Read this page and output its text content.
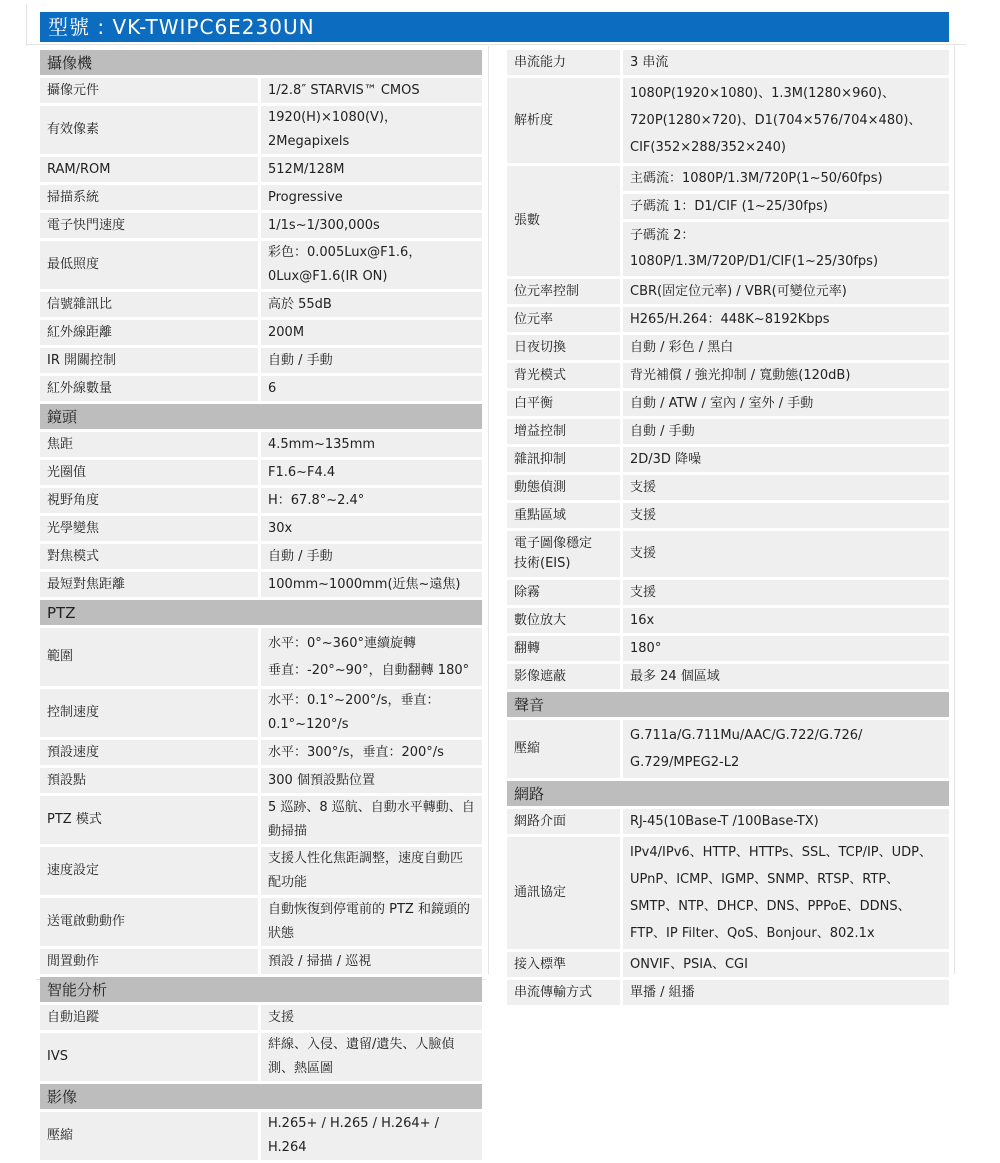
型號 : VK-TWIPC6E230UN
攝像機	
攝像元件	1/2.8″ STARVIS™ CMOS
有效像素	1920(H)×1080(V)，2Megapixels
RAM/ROM	512M/128M
掃描系統	Progressive
電子快門速度	1/1s~1/300,000s
最低照度	彩色：0.005Lux@F1.6，0Lux@F1.6(IR ON)
信號雜訊比	高於 55dB
紅外線距離	200M
IR 開關控制	自動 / 手動
紅外線數量	6
鏡頭	
焦距	4.5mm~135mm
光圈值	F1.6~F4.4
視野角度	H：67.8°~2.4°
光學變焦	30x
對焦模式	自動 / 手動
最短對焦距離	100mm~1000mm(近焦~遠焦)
PTZ	
範圍	水平：0°~360°連續旋轉
垂直：-20°~90°，自動翻轉 180°

控制速度	水平：0.1°~200°/s，垂直：0.1°~120°/s
預設速度	水平：300°/s，垂直：200°/s
預設點	300 個預設點位置
PTZ 模式	5 巡跡、8 巡航、自動水平轉動、自動掃描
速度設定	支援人性化焦距調整，速度自動匹配功能
送電啟動動作	自動恢復到停電前的 PTZ 和鏡頭的狀態
閒置動作	預設 / 掃描 / 巡視
智能分析	
自動追蹤	支援
IVS	絆線、入侵、遺留/遺失、人臉偵測、熱區圖
影像	
壓縮	H.265+ / H.265 / H.264+ / H.264
串流能力	3 串流
解析度	1080P(1920×1080)、1.3M(1280×960)、
720P(1280×720)、D1(704×576/704×480)、
CIF(352×288/352×240)

張數	主碼流：1080P/1.3M/720P(1~50/60fps)

	子碼流 1：D1/CIF (1~25/30fps)

	子碼流 2：
1080P/1.3M/720P/D1/CIF(1~25/30fps)

位元率控制	CBR(固定位元率) / VBR(可變位元率)
位元率	H265/H.264：448K~8192Kbps
日夜切換	自動 / 彩色 / 黑白
背光模式	背光補償 / 強光抑制 / 寬動態(120dB)
白平衡	自動 / ATW / 室內 / 室外 / 手動
增益控制	自動 / 手動
雜訊抑制	2D/3D 降噪
動態偵測	支援
重點區域	支援

電子圖像穩定
技術(EIS)	支援
除霧	支援
數位放大	16x
翻轉	180°
影像遮蔽	最多 24 個區域
聲音	
壓縮	G.711a/G.711Mu/AAC/G.722/G.726/
G.729/MPEG2-L2

網路	
網路介面	RJ-45(10Base-T /100Base-TX)
通訊協定	IPv4/IPv6、HTTP、HTTPs、SSL、TCP/IP、UDP、
UPnP、ICMP、IGMP、SNMP、RTSP、RTP、
SMTP、NTP、DHCP、DNS、PPPoE、DDNS、
FTP、IP Filter、QoS、Bonjour、802.1x

接入標準	ONVIF、PSIA、CGI
串流傳輸方式	單播 / 組播
